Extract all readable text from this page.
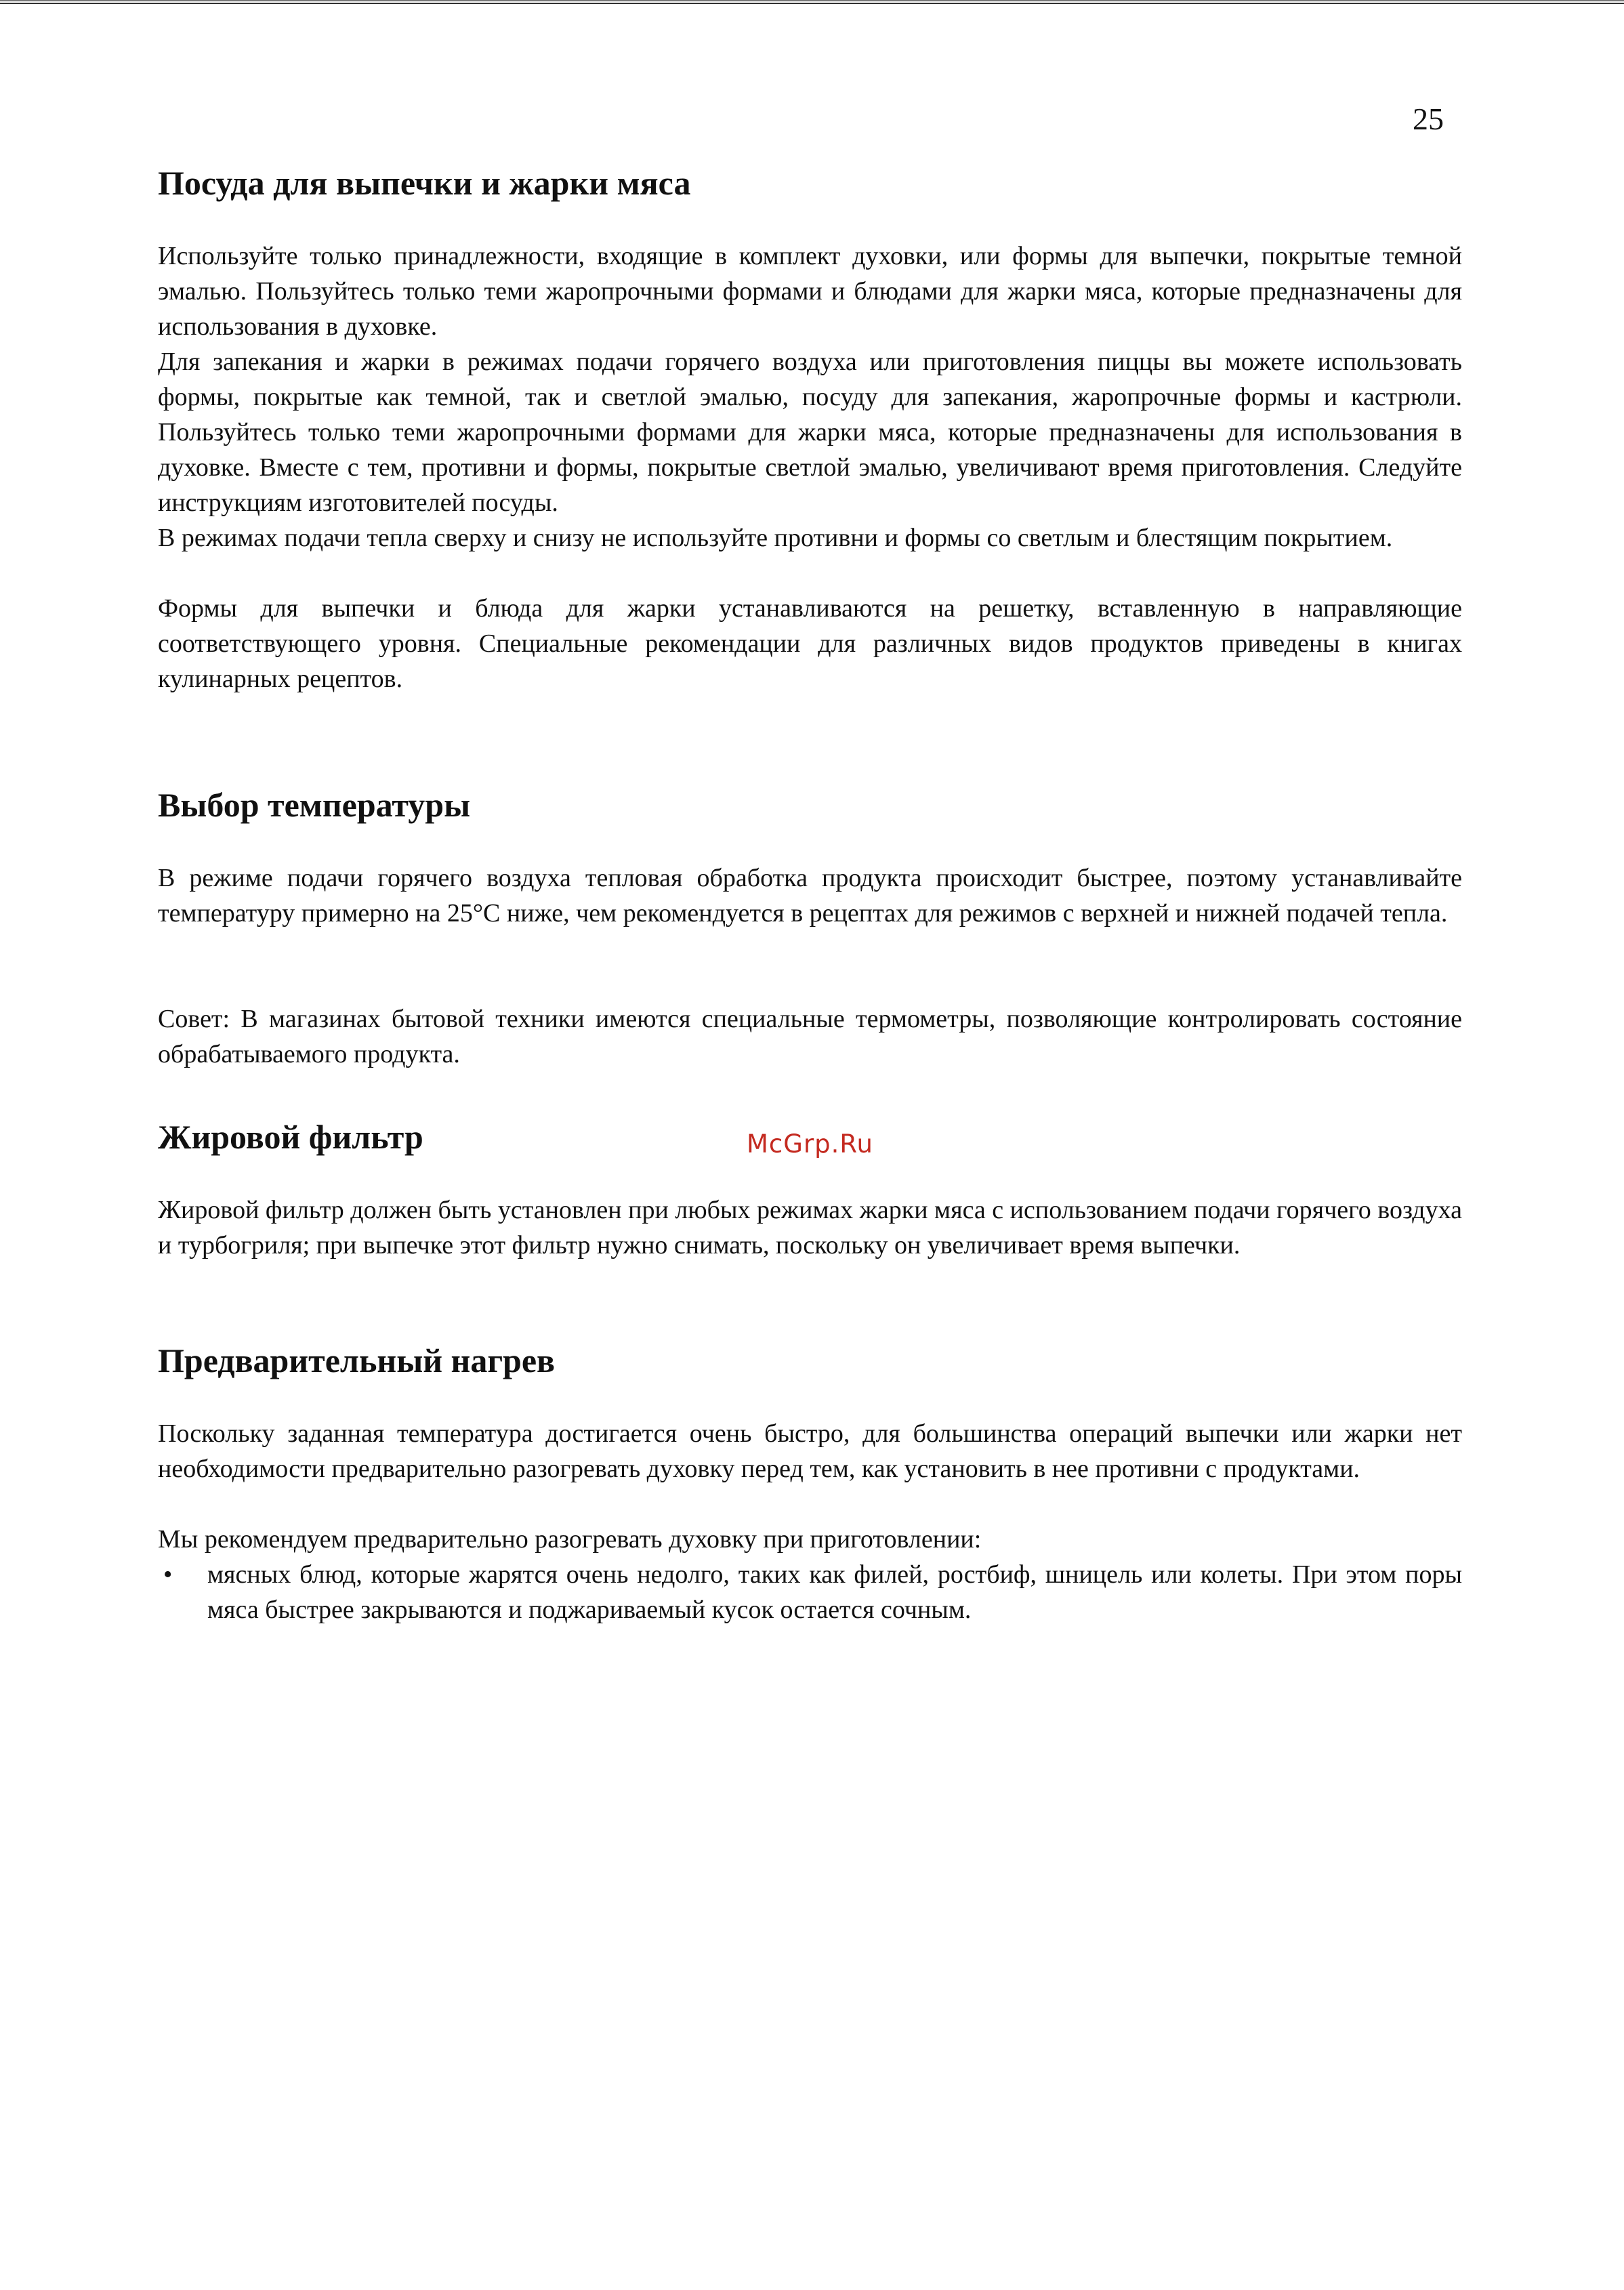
25
Посуда для выпечки и жарки мяса

Используйте только принадлежности, входящие в комплект духовки, или формы для выпечки, покрытые темной эмалью. Пользуйтесь только теми жаропрочными формами и блюдами для жарки мяса, которые предназначены для использования в духовке.

Для запекания и жарки в режимах подачи горячего воздуха или приготовления пиццы вы можете использовать формы, покрытые как темной, так и светлой эмалью, посуду для запекания, жаропрочные формы и кастрюли. Пользуйтесь только теми жаропрочными формами для жарки мяса, которые предназначены для использования в духовке. Вместе с тем, противни и формы, покрытые светлой эмалью, увеличивают время приготовления. Следуйте инструкциям изготовителей посуды.

В режимах подачи тепла сверху и снизу не используйте противни и формы со светлым и блестящим покрытием.

Формы для выпечки и блюда для жарки устанавливаются на решетку, вставленную в направляющие соответствующего уровня. Специальные рекомендации для различных видов продуктов приведены в книгах кулинарных рецептов.

Выбор температуры

В режиме подачи горячего воздуха тепловая обработка продукта происходит быстрее, поэтому устанавливайте температуру примерно на 25°С ниже, чем рекомендуется в рецептах для режимов с верхней и нижней подачей тепла.

Совет: В магазинах бытовой техники имеются специальные термометры, позволяющие контролировать состояние обрабатываемого продукта.

Жировой фильтр	McGrp.Ru

Жировой фильтр должен быть установлен при любых режимах жарки мяса с использованием подачи горячего воздуха и турбогриля; при выпечке этот фильтр нужно снимать, поскольку он увеличивает время выпечки.

Предварительный нагрев

Поскольку заданная температура достигается очень быстро, для большинства операций выпечки или жарки нет необходимости предварительно разогревать духовку перед тем, как установить в нее противни с продуктами.

Мы рекомендуем предварительно разогревать духовку при приготовлении:

•	мясных блюд, которые жарятся очень недолго, таких как филей, ростбиф, шницель или колеты. При этом поры мяса быстрее закрываются и поджариваемый кусок остается сочным.
